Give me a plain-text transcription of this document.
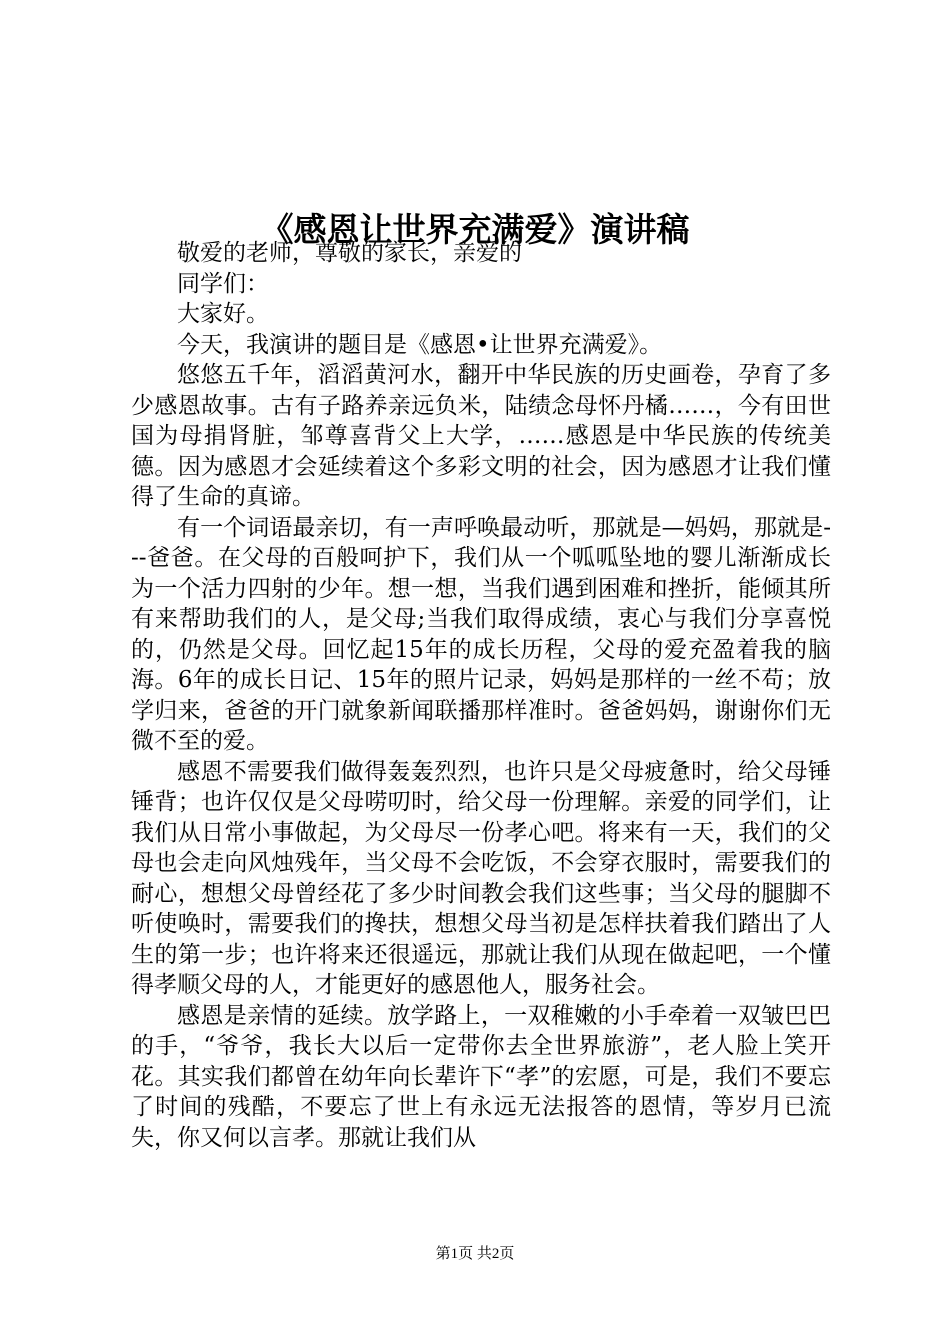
《感恩让世界充满爱》演讲稿

敬爱的老师，尊敬的家长，亲爱的

同学们：

大家好。

今天，我演讲的题目是《感恩•让世界充满爱》。

悠悠五千年，滔滔黄河水，翻开中华民族的历史画卷，孕育了多少感恩故事。古有子路养亲远负米，陆绩念母怀丹橘……，今有田世国为母捐肾脏，邹尊喜背父上大学，……感恩是中华民族的传统美德。因为感恩才会延续着这个多彩文明的社会，因为感恩才让我们懂得了生命的真谛。

有一个词语最亲切，有一声呼唤最动听，那就是—妈妈，那就是---爸爸。在父母的百般呵护下，我们从一个呱呱坠地的婴儿渐渐成长为一个活力四射的少年。想一想，当我们遇到困难和挫折，能倾其所有来帮助我们的人，是父母;当我们取得成绩，衷心与我们分享喜悦的，仍然是父母。回忆起15年的成长历程，父母的爱充盈着我的脑海。6年的成长日记、15年的照片记录，妈妈是那样的一丝不苟；放学归来，爸爸的开门就象新闻联播那样准时。爸爸妈妈，谢谢你们无微不至的爱。

感恩不需要我们做得轰轰烈烈，也许只是父母疲惫时，给父母锤锤背；也许仅仅是父母唠叨时，给父母一份理解。亲爱的同学们，让我们从日常小事做起，为父母尽一份孝心吧。将来有一天，我们的父母也会走向风烛残年，当父母不会吃饭，不会穿衣服时，需要我们的耐心，想想父母曾经花了多少时间教会我们这些事；当父母的腿脚不听使唤时，需要我们的搀扶，想想父母当初是怎样扶着我们踏出了人生的第一步；也许将来还很遥远，那就让我们从现在做起吧，一个懂得孝顺父母的人，才能更好的感恩他人，服务社会。

感恩是亲情的延续。放学路上，一双稚嫩的小手牵着一双皱巴巴的手，“爷爷，我长大以后一定带你去全世界旅游”，老人脸上笑开花。其实我们都曾在幼年向长辈许下“孝”的宏愿，可是，我们不要忘了时间的残酷，不要忘了世上有永远无法报答的恩情，等岁月已流失，你又何以言孝。那就让我们从

第1页 共2页
